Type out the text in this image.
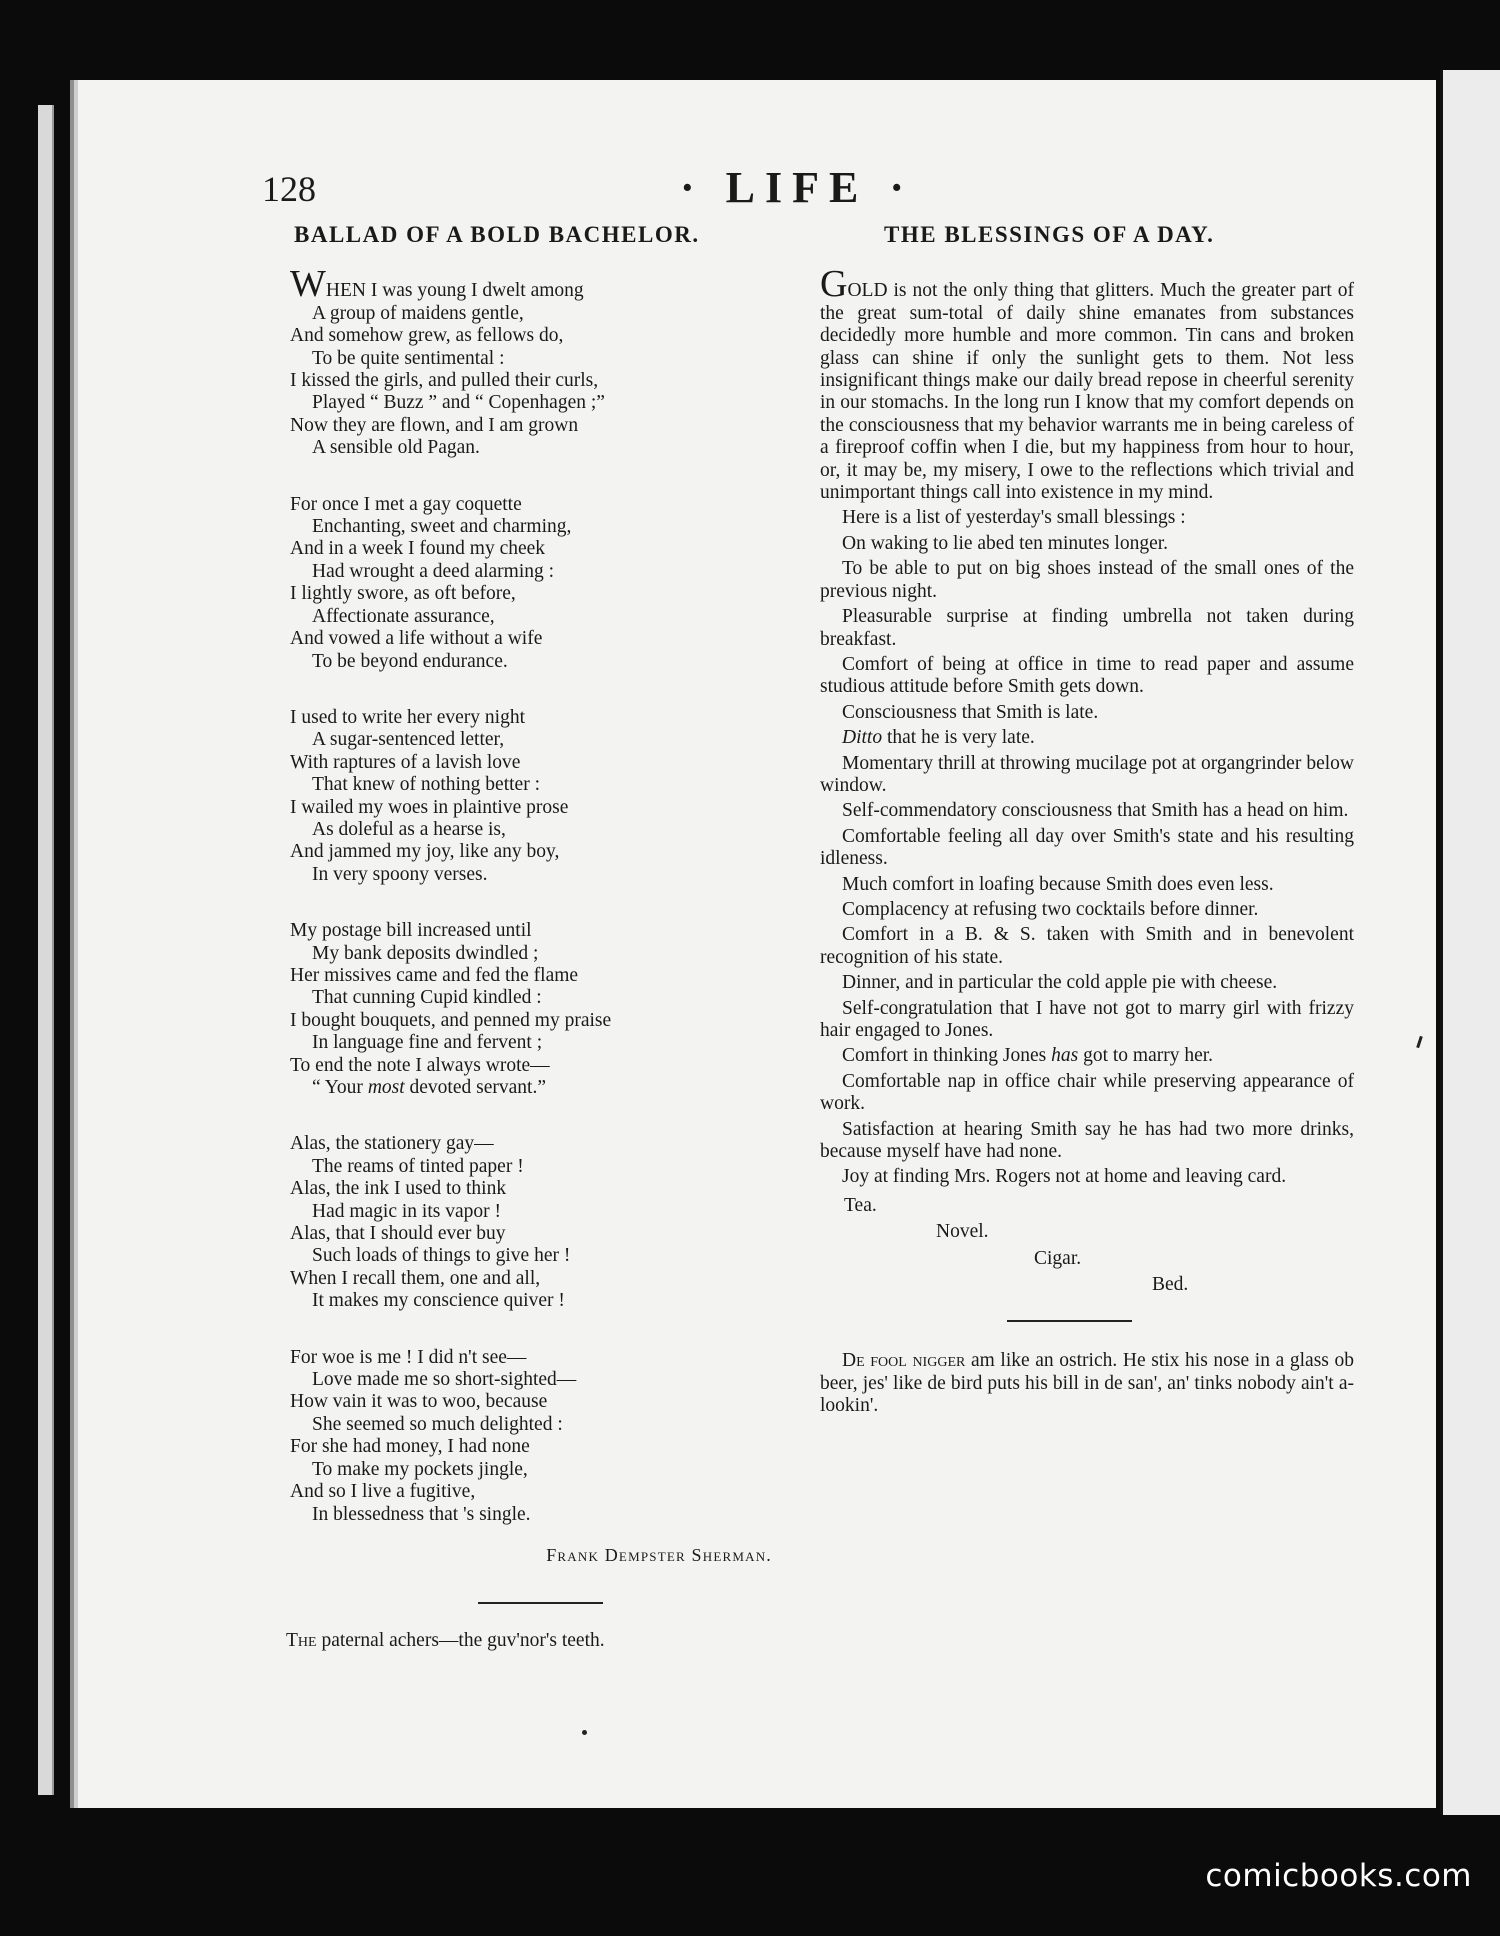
128	· LIFE ·
BALLAD OF A BOLD BACHELOR.
WHEN I was young I dwelt among
A group of maidens gentle,
And somehow grew, as fellows do,
To be quite sentimental :
I kissed the girls, and pulled their curls,
Played “ Buzz ” and “ Copenhagen ;”
Now they are flown, and I am grown
A sensible old Pagan.
For once I met a gay coquette
Enchanting, sweet and charming,
And in a week I found my cheek
Had wrought a deed alarming :
I lightly swore, as oft before,
Affectionate assurance,
And vowed a life without a wife
To be beyond endurance.
I used to write her every night
A sugar-sentenced letter,
With raptures of a lavish love
That knew of nothing better :
I wailed my woes in plaintive prose
As doleful as a hearse is,
And jammed my joy, like any boy,
In very spoony verses.
My postage bill increased until
My bank deposits dwindled ;
Her missives came and fed the flame
That cunning Cupid kindled :
I bought bouquets, and penned my praise
In language fine and fervent ;
To end the note I always wrote—
“ Your most devoted servant.”
Alas, the stationery gay—
The reams of tinted paper !
Alas, the ink I used to think
Had magic in its vapor !
Alas, that I should ever buy
Such loads of things to give her !
When I recall them, one and all,
It makes my conscience quiver !
For woe is me ! I did n't see—
Love made me so short-sighted—
How vain it was to woo, because
She seemed so much delighted :
For she had money, I had none
To make my pockets jingle,
And so I live a fugitive,
In blessedness that 's single.
Frank Dempster Sherman.
The paternal achers—the guv'nor's teeth.
THE BLESSINGS OF A DAY.
GOLD is not the only thing that glitters. Much the greater part of the great sum-total of daily shine emanates from substances decidedly more humble and more common. Tin cans and broken glass can shine if only the sunlight gets to them. Not less insignificant things make our daily bread repose in cheerful serenity in our stomachs. In the long run I know that my comfort depends on the consciousness that my behavior warrants me in being careless of a fireproof coffin when I die, but my happiness from hour to hour, or, it may be, my misery, I owe to the reflections which trivial and unimportant things call into existence in my mind.
Here is a list of yesterday's small blessings :
On waking to lie abed ten minutes longer.
To be able to put on big shoes instead of the small ones of the previous night.
Pleasurable surprise at finding umbrella not taken during breakfast.
Comfort of being at office in time to read paper and assume studious attitude before Smith gets down.
Consciousness that Smith is late.
Ditto that he is very late.
Momentary thrill at throwing mucilage pot at organgrinder below window.
Self-commendatory consciousness that Smith has a head on him.
Comfortable feeling all day over Smith's state and his resulting idleness.
Much comfort in loafing because Smith does even less.
Complacency at refusing two cocktails before dinner.
Comfort in a B. & S. taken with Smith and in benevolent recognition of his state.
Dinner, and in particular the cold apple pie with cheese.
Self-congratulation that I have not got to marry girl with frizzy hair engaged to Jones.
Comfort in thinking Jones has got to marry her.
Comfortable nap in office chair while preserving appearance of work.
Satisfaction at hearing Smith say he has had two more drinks, because myself have had none.
Joy at finding Mrs. Rogers not at home and leaving card.
Tea.
Novel.
Cigar.
Bed.
De fool nigger am like an ostrich. He stix his nose in a glass ob beer, jes' like de bird puts his bill in de san', an' tinks nobody ain't a-lookin'.
comicbooks.com
